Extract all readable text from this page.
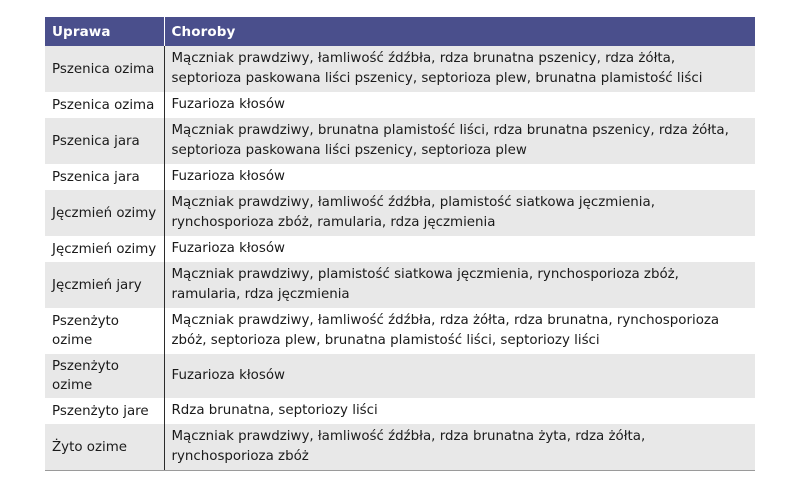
Uprawa	Choroby
Pszenica ozima	Mączniak prawdziwy, łamliwość źdźbła, rdza brunatna pszenicy, rdza żółta, septorioza paskowana liści pszenicy, septorioza plew, brunatna plamistość liści
Pszenica ozima	Fuzarioza kłosów
Pszenica jara	Mączniak prawdziwy, brunatna plamistość liści, rdza brunatna pszenicy, rdza żółta, septorioza paskowana liści pszenicy, septorioza plew
Pszenica jara	Fuzarioza kłosów
Jęczmień ozimy	Mączniak prawdziwy, łamliwość źdźbła, plamistość siatkowa jęczmienia, rynchosporioza zbóż, ramularia, rdza jęczmienia
Jęczmień ozimy	Fuzarioza kłosów
Jęczmień jary	Mączniak prawdziwy, plamistość siatkowa jęczmienia, rynchosporioza zbóż, ramularia, rdza jęczmienia
Pszenżyto ozime	Mączniak prawdziwy, łamliwość źdźbła, rdza żółta, rdza brunatna, rynchosporioza zbóż, septorioza plew, brunatna plamistość liści, septoriozy liści
Pszenżyto ozime	Fuzarioza kłosów
Pszenżyto jare	Rdza brunatna, septoriozy liści
Żyto ozime	Mączniak prawdziwy, łamliwość źdźbła, rdza brunatna żyta, rdza żółta, rynchosporioza zbóż
